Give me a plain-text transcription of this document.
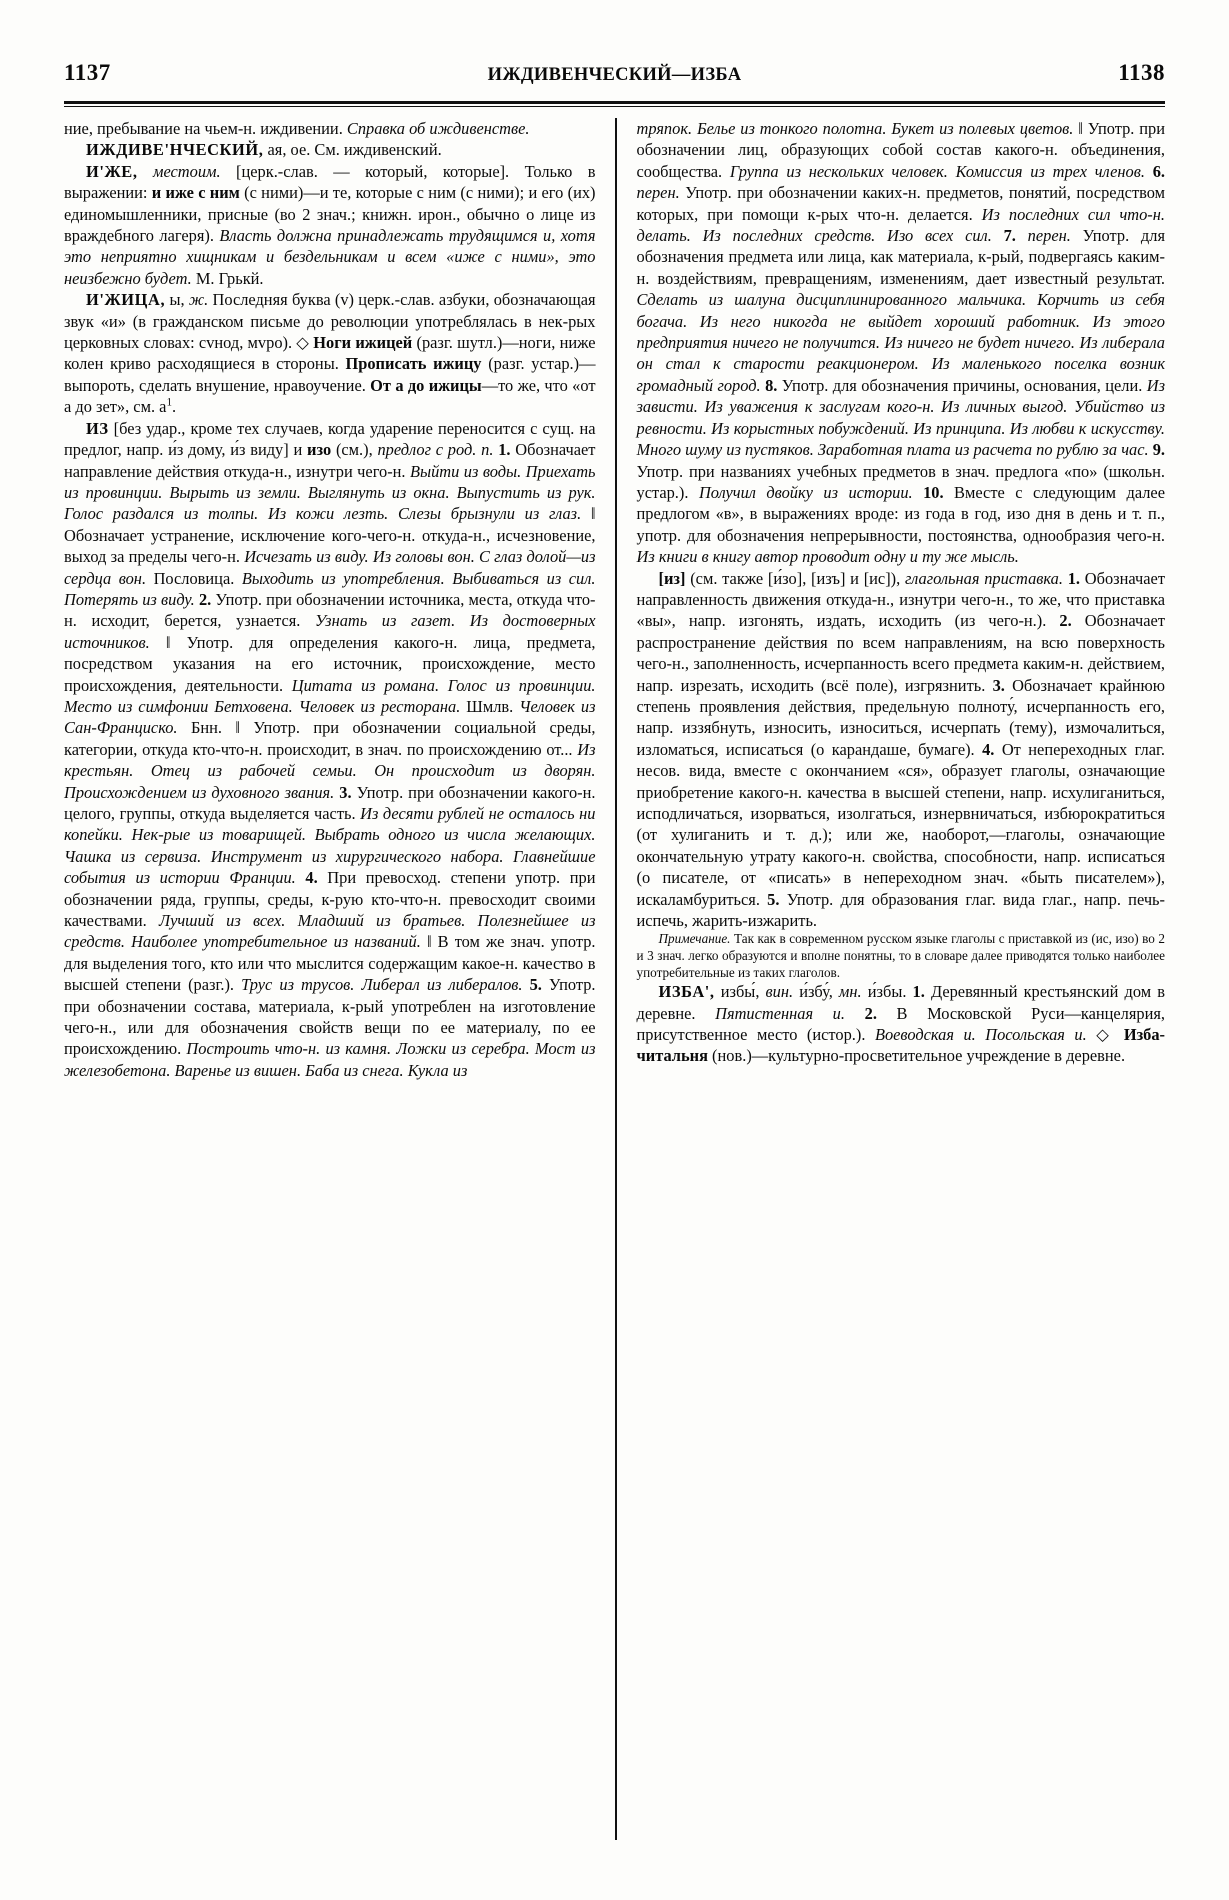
1137	ИЖДИВЕНЧЕСКИЙ—ИЗБА	1138

ние, пребывание на чьем-н. иждивении. Справка об иждивенстве.

ИЖДИВЕ'НЧЕСКИЙ, ая, ое. См. иждивенский.

И'ЖЕ, местоим. [церк.-слав. — который, которые]. Только в выражении: и иже с ним (с ними)—и те, которые с ним (с ними); и его (их) единомышленники, присные (во 2 знач.; книжн. ирон., обычно о лице из враждебного лагеря). Власть должна принадлежать трудящимся и, хотя это неприятно хищникам и бездельникам и всем «иже с ними», это неизбежно будет. М. Грькй.

И'ЖИЦА, ы, ж. Последняя буква (v) церк.-слав. азбуки, обозначающая звук «и» (в гражданском письме до революции употреблялась в нек-рых церковных словах: cvнод, мvро). ◇ Ноги ижицей (разг. шутл.)—ноги, ниже колен криво расходящиеся в стороны. Прописать ижицу (разг. устар.)—выпороть, сделать внушение, нравоучение. От а до ижицы—то же, что «от а до зет», см. $а^1$.

ИЗ [без удар., кроме тех случаев, когда ударение переносится с сущ. на предлог, напр. и́з дому, и́з виду] и изо (см.), предлог с род. п. 1. Обозначает направление действия откуда-н., изнутри чего-н. Выйти из воды. Приехать из провинции. Вырыть из земли. Выглянуть из окна. Выпустить из рук. Голос раздался из толпы. Из кожи лезть. Слезы брызнули из глаз. ‖ Обозначает устранение, исключение кого-чего-н. откуда-н., исчезновение, выход за пределы чего-н. Исчезать из виду. Из головы вон. С глаз долой—из сердца вон. Пословица. Выходить из употребления. Выбиваться из сил. Потерять из виду. 2. Употр. при обозначении источника, места, откуда что-н. исходит, берется, узнается. Узнать из газет. Из достоверных источников. ‖ Употр. для определения какого-н. лица, предмета, посредством указания на его источник, происхождение, место происхождения, деятельности. Цитата из романа. Голос из провинции. Место из симфонии Бетховена. Человек из ресторана. Шмлв. Человек из Сан-Франциско. Бнн. ‖ Употр. при обозначении социальной среды, категории, откуда кто-что-н. происходит, в знач. по происхождению от... Из крестьян. Отец из рабочей семьи. Он происходит из дворян. Происхождением из духовного звания. 3. Употр. при обозначении какого-н. целого, группы, откуда выделяется часть. Из десяти рублей не осталось ни копейки. Нек-рые из товарищей. Выбрать одного из числа желающих. Чашка из сервиза. Инструмент из хирургического набора. Главнейшие события из истории Франции. 4. При превосход. степени употр. при обозначении ряда, группы, среды, к-рую кто-что-н. превосходит своими качествами. Лучший из всех. Младший из братьев. Полезнейшее из средств. Наиболее употребительное из названий. ‖ В том же знач. употр. для выделения того, кто или что мыслится содержащим какое-н. качество в высшей степени (разг.). Трус из трусов. Либерал из либералов. 5. Употр. при обозначении состава, материала, к-рый употреблен на изготовление чего-н., или для обозначения свойств вещи по ее материалу, по ее происхождению. Построить что-н. из камня. Ложки из серебра. Мост из железобетона. Варенье из вишен. Баба из снега. Кукла из

тряпок. Белье из тонкого полотна. Букет из полевых цветов. ‖ Употр. при обозначении лиц, образующих собой состав какого-н. объединения, сообщества. Группа из нескольких человек. Комиссия из трех членов. 6. перен. Употр. при обозначении каких-н. предметов, понятий, посредством которых, при помощи к-рых что-н. делается. Из последних сил что-н. делать. Из последних средств. Изо всех сил. 7. перен. Употр. для обозначения предмета или лица, как материала, к-рый, подвергаясь каким-н. воздействиям, превращениям, изменениям, дает известный результат. Сделать из шалуна дисциплинированного мальчика. Корчить из себя богача. Из него никогда не выйдет хороший работник. Из этого предприятия ничего не получится. Из ничего не будет ничего. Из либерала он стал к старости реакционером. Из маленького поселка возник громадный город. 8. Употр. для обозначения причины, основания, цели. Из зависти. Из уважения к заслугам кого-н. Из личных выгод. Убийство из ревности. Из корыстных побуждений. Из принципа. Из любви к искусству. Много шуму из пустяков. Заработная плата из расчета по рублю за час. 9. Употр. при названиях учебных предметов в знач. предлога «по» (школьн. устар.). Получил двойку из истории. 10. Вместе с следующим далее предлогом «в», в выражениях вроде: из года в год, изо дня в день и т. п., употр. для обозначения непрерывности, постоянства, однообразия чего-н. Из книги в книгу автор проводит одну и ту же мысль.

[из] (см. также [и́зо], [изъ] и [ис]), глагольная приставка. 1. Обозначает направленность движения откуда-н., изнутри чего-н., то же, что приставка «вы», напр. изгонять, издать, исходить (из чего-н.). 2. Обозначает распространение действия по всем направлениям, на всю поверхность чего-н., заполненность, исчерпанность всего предмета каким-н. действием, напр. изрезать, исходить (всё поле), изгрязнить. 3. Обозначает крайнюю степень проявления действия, предельную полноту́, исчерпанность его, напр. иззябнуть, износить, износиться, исчерпать (тему), измочалиться, изломаться, исписаться (о карандаше, бумаге). 4. От непереходных глаг. несов. вида, вместе с окончанием «ся», образует глаголы, означающие приобретение какого-н. качества в высшей степени, напр. исхулиганиться, исподличаться, изорваться, изолгаться, изнервничаться, избюрократиться (от хулиганить и т. д.); или же, наоборот,—глаголы, означающие окончательную утрату какого-н. свойства, способности, напр. исписаться (о писателе, от «писать» в непереходном знач. «быть писателем»), искаламбуриться. 5. Употр. для образования глаг. вида глаг., напр. печь-испечь, жарить-изжарить.

Примечание. Так как в современном русском языке глаголы с приставкой из (ис, изо) во 2 и 3 знач. легко образуются и вполне понятны, то в словаре далее приводятся только наиболее употребительные из таких глаголов.

ИЗБА', избы́, вин. и́збу́, мн. и́збы. 1. Деревянный крестьянский дом в деревне. Пятистенная и. 2. В Московской Руси—канцелярия, присутственное место (истор.). Воеводская и. Посольская и. ◇ Изба-читальня (нов.)—культурно-просветительное учреждение в деревне.
